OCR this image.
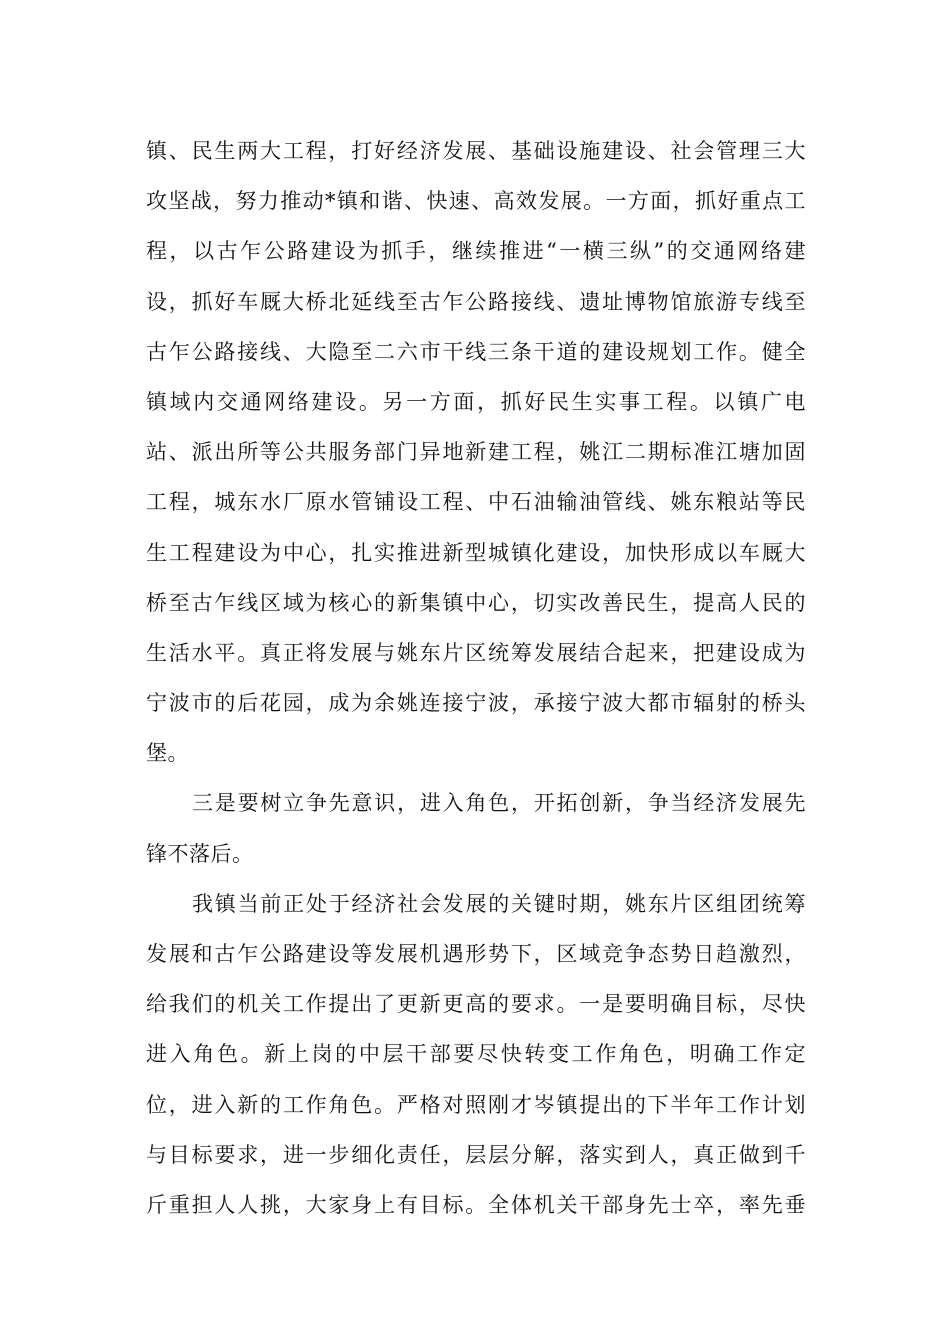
镇、民生两大工程，打好经济发展、基础设施建设、社会管理三大
攻坚战，努力推动*镇和谐、快速、高效发展。一方面，抓好重点工
程，以古乍公路建设为抓手，继续推进“一横三纵”的交通网络建
设，抓好车厩大桥北延线至古乍公路接线、遗址博物馆旅游专线至
古乍公路接线、大隐至二六市干线三条干道的建设规划工作。健全
镇域内交通网络建设。另一方面，抓好民生实事工程。以镇广电
站、派出所等公共服务部门异地新建工程，姚江二期标准江塘加固
工程，城东水厂原水管铺设工程、中石油输油管线、姚东粮站等民
生工程建设为中心，扎实推进新型城镇化建设，加快形成以车厩大
桥至古乍线区域为核心的新集镇中心，切实改善民生，提高人民的
生活水平。真正将发展与姚东片区统筹发展结合起来，把建设成为
宁波市的后花园，成为余姚连接宁波，承接宁波大都市辐射的桥头
堡。
三是要树立争先意识，进入角色，开拓创新，争当经济发展先
锋不落后。
我镇当前正处于经济社会发展的关键时期，姚东片区组团统筹
发展和古乍公路建设等发展机遇形势下，区域竞争态势日趋激烈，
给我们的机关工作提出了更新更高的要求。一是要明确目标，尽快
进入角色。新上岗的中层干部要尽快转变工作角色，明确工作定
位，进入新的工作角色。严格对照刚才岑镇提出的下半年工作计划
与目标要求，进一步细化责任，层层分解，落实到人，真正做到千
斤重担人人挑，大家身上有目标。全体机关干部身先士卒，率先垂
